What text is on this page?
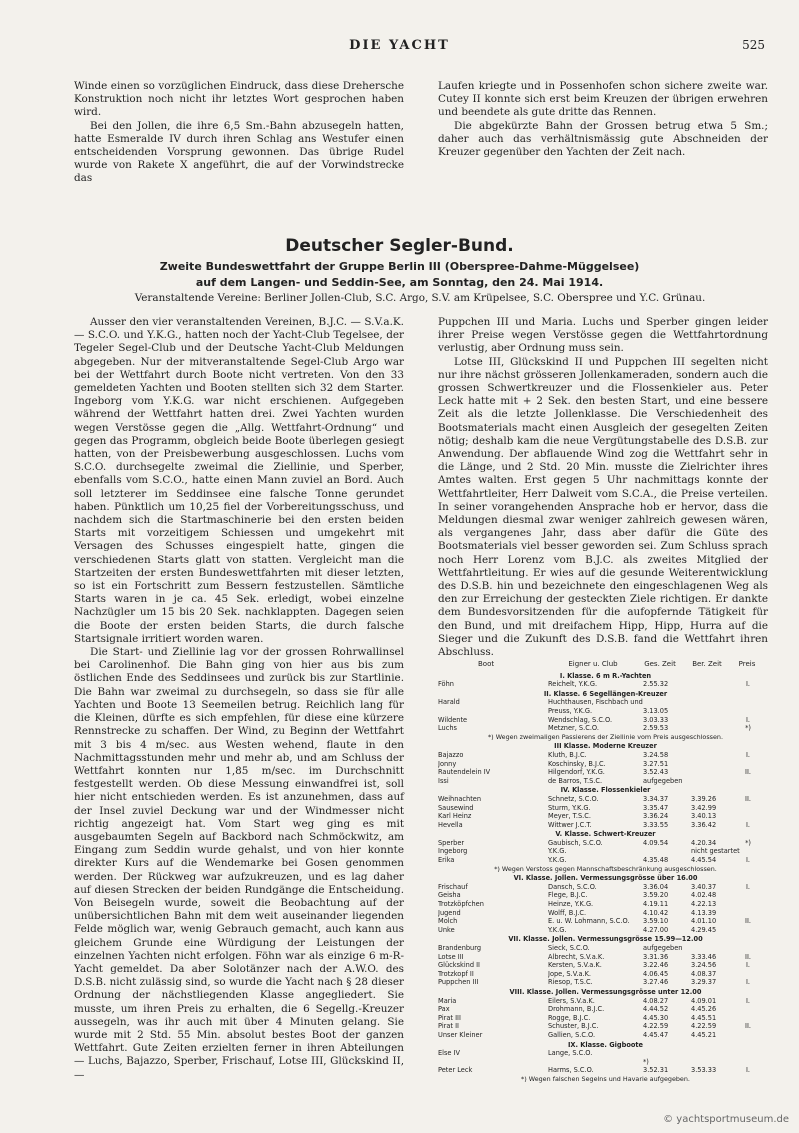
DIE YACHT	525

Winde einen so vorzüglichen Eindruck, dass diese Drehersche Konstruktion noch nicht ihr letztes Wort gesprochen haben wird.

Bei den Jollen, die ihre 6,5 Sm.-Bahn abzusegeln hatten, hatte Esmeralde IV durch ihren Schlag ans Westufer einen entscheidenden Vorsprung gewonnen. Das übrige Rudel wurde von Rakete X angeführt, die auf der Vorwindstrecke das

Laufen kriegte und in Possenhofen schon sichere zweite war. Cutey II konnte sich erst beim Kreuzen der übrigen erwehren und beendete als gute dritte das Rennen.

Die abgekürzte Bahn der Grossen betrug etwa 5 Sm.; daher auch das verhältnismässig gute Abschneiden der Kreuzer gegenüber den Yachten der Zeit nach.

Deutscher Segler-Bund.
Zweite Bundeswettfahrt der Gruppe Berlin III (Oberspree-Dahme-Müggelsee)
auf dem Langen- und Seddin-See, am Sonntag, den 24. Mai 1914.
Veranstaltende Vereine: Berliner Jollen-Club, S.C. Argo, S.V. am Krüpelsee, S.C. Oberspree und Y.C. Grünau.

Ausser den vier veranstaltenden Vereinen, B.J.C. — S.V.a.K. — S.C.O. und Y.K.G., hatten noch der Yacht-Club Tegelsee, der Tegeler Segel-Club und der Deutsche Yacht-Club Meldungen abgegeben. Nur der mitveranstaltende Segel-Club Argo war bei der Wettfahrt durch Boote nicht vertreten. Von den 33 gemeldeten Yachten und Booten stellten sich 32 dem Starter. Ingeborg vom Y.K.G. war nicht erschienen. Aufgegeben während der Wettfahrt hatten drei. Zwei Yachten wurden wegen Verstösse gegen die „Allg. Wettfahrt-Ordnung“ und gegen das Programm, obgleich beide Boote überlegen gesiegt hatten, von der Preisbewerbung ausgeschlossen. Luchs vom S.C.O. durchsegelte zweimal die Ziellinie, und Sperber, ebenfalls vom S.C.O., hatte einen Mann zuviel an Bord. Auch soll letzterer im Seddinsee eine falsche Tonne gerundet haben. Pünktlich um 10,25 fiel der Vorbereitungsschuss, und nachdem sich die Startmaschinerie bei den ersten beiden Starts mit vorzeitigem Schiessen und umgekehrt mit Versagen des Schusses eingespielt hatte, gingen die verschiedenen Starts glatt von statten. Vergleicht man die Startzeiten der ersten Bundeswettfahrten mit dieser letzten, so ist ein Fortschritt zum Bessern festzustellen. Sämtliche Starts waren in je ca. 45 Sek. erledigt, wobei einzelne Nachzügler um 15 bis 20 Sek. nachklappten. Dagegen seien die Boote der ersten beiden Starts, die durch falsche Startsignale irritiert worden waren.

Die Start- und Ziellinie lag vor der grossen Rohrwallinsel bei Carolinenhof. Die Bahn ging von hier aus bis zum östlichen Ende des Seddinsees und zurück bis zur Startlinie. Die Bahn war zweimal zu durchsegeln, so dass sie für alle Yachten und Boote 13 Seemeilen betrug. Reichlich lang für die Kleinen, dürfte es sich empfehlen, für diese eine kürzere Rennstrecke zu schaffen. Der Wind, zu Beginn der Wettfahrt mit 3 bis 4 m/sec. aus Westen wehend, flaute in den Nachmittagsstunden mehr und mehr ab, und am Schluss der Wettfahrt konnten nur 1,85 m/sec. im Durchschnitt festgestellt werden. Ob diese Messung einwandfrei ist, soll hier nicht entschieden werden. Es ist anzunehmen, dass auf der Insel zuviel Deckung war und der Windmesser nicht richtig angezeigt hat. Vom Start weg ging es mit ausgebaumten Segeln auf Backbord nach Schmöckwitz, am Eingang zum Seddin wurde gehalst, und von hier konnte direkter Kurs auf die Wendemarke bei Gosen genommen werden. Der Rückweg war aufzukreuzen, und es lag daher auf diesen Strecken der beiden Rundgänge die Entscheidung. Von Beisegeln wurde, soweit die Beobachtung auf der unübersichtlichen Bahn mit dem weit auseinander liegenden Felde möglich war, wenig Gebrauch gemacht, auch kann aus gleichem Grunde eine Würdigung der Leistungen der einzelnen Yachten nicht erfolgen. Föhn war als einzige 6 m-R-Yacht gemeldet. Da aber Solotänzer nach der A.W.O. des D.S.B. nicht zulässig sind, so wurde die Yacht nach § 28 dieser Ordnung der nächstliegenden Klasse angegliedert. Sie musste, um ihren Preis zu erhalten, die 6 Segellg.-Kreuzer aussegeln, was ihr auch mit über 4 Minuten gelang. Sie wurde mit 2 Std. 55 Min. absolut bestes Boot der ganzen Wettfahrt. Gute Zeiten erzielten ferner in ihren Abteilungen — Luchs, Bajazzo, Sperber, Frischauf, Lotse III, Glückskind II, —

Puppchen III und Maria. Luchs und Sperber gingen leider ihrer Preise wegen Verstösse gegen die Wettfahrtordnung verlustig, aber Ordnung muss sein.

Lotse III, Glückskind II und Puppchen III segelten nicht nur ihre nächst grösseren Jollenkameraden, sondern auch die grossen Schwertkreuzer und die Flossenkieler aus. Peter Leck hatte mit + 2 Sek. den besten Start, und eine bessere Zeit als die letzte Jollenklasse. Die Verschiedenheit des Bootsmaterials macht einen Ausgleich der gesegelten Zeiten nötig; deshalb kam die neue Vergütungstabelle des D.S.B. zur Anwendung. Der abflauende Wind zog die Wettfahrt sehr in die Länge, und 2 Std. 20 Min. musste die Zielrichter ihres Amtes walten. Erst gegen 5 Uhr nachmittags konnte der Wettfahrtleiter, Herr Dalweit vom S.C.A., die Preise verteilen. In seiner vorangehenden Ansprache hob er hervor, dass die Meldungen diesmal zwar weniger zahlreich gewesen wären, als vergangenes Jahr, dass aber dafür die Güte des Bootsmaterials viel besser geworden sei. Zum Schluss sprach noch Herr Lorenz vom B.J.C. als zweites Mitglied der Wettfahrtleitung. Er wies auf die gesunde Weiterentwicklung des D.S.B. hin und bezeichnete den eingeschlagenen Weg als den zur Erreichung der gesteckten Ziele richtigen. Er dankte dem Bundesvorsitzenden für die aufopfernde Tätigkeit für den Bund, und mit dreifachem Hipp, Hipp, Hurra auf die Sieger und die Zukunft des D.S.B. fand die Wettfahrt ihren Abschluss.

Boot	Eigner u. Club	Ges. Zeit	Ber. Zeit	Preis
I. Klasse. 6 m R.-Yachten
Föhn	Reichelt, Y.K.G.	2.55.32	I.
II. Klasse. 6 Segellängen-Kreuzer
Harald	Huchthausen, Fischbach und
Preuss, Y.K.G.	3.13.05
Wildente	Wendschlag, S.C.O.	3.03.33	I.
Luchs	Metzner, S.C.O.	2.59.53	*)
*) Wegen zweimaligen Passierens der Ziellinie vom Preis ausgeschlossen.
III Klasse. Moderne Kreuzer
Bajazzo	Kluth, B.J.C.	3.24.58	I.
Jonny	Koschinsky, B.J.C.	3.27.51
Rautendelein IV	Hilgendorf, Y.K.G.	3.52.43	II.
Issi	de Barros, T.S.C.	aufgegeben
IV. Klasse. Flossenkieler
Weihnachten	Schnetz, S.C.O.	3.34.37	3.39.26	II.
Sausewind	Sturm, Y.K.G.	3.35.47	3.42.99
Karl Heinz	Meyer, T.S.C.	3.36.24	3.40.13
Hevella	Wittwer J.C.T.	3.33.55	3.36.42	I.
V. Klasse. Schwert-Kreuzer
Sperber	Gaubisch, S.C.O.	4.09.54	4.20.34	*)
Ingeborg	Y.K.G.	nicht gestartet
Erika	Y.K.G.	4.35.48	4.45.54	I.
*) Wegen Verstoss gegen Mannschaftsbeschränkung ausgeschlossen.
VI. Klasse. Jollen. Vermessungsgrösse über 16.00
Frischauf	Dansch, S.C.O.	3.36.04	3.40.37	I.
Geisha	Flege, B.J.C.	3.59.20	4.02.48
Trotzköpfchen	Heinze, Y.K.G.	4.19.11	4.22.13
Jugend	Wolff, B.J.C.	4.10.42	4.13.39
Molch	E. u. W. Lohmann, S.C.O.	3.59.10	4.01.10	II.
Unke	Y.K.G.	4.27.00	4.29.45
VII. Klasse. Jollen. Vermessungsgrösse 15.99—12.00
Brandenburg	Sieck, S.C.O.	aufgegeben
Lotse III	Albrecht, S.V.a.K.	3.31.36	3.33.46	II.
Glückskind II	Kersten, S.V.a.K.	3.22.46	3.24.56	I.
Trotzkopf II	Jope, S.V.a.K.	4.06.45	4.08.37
Puppchen III	Riesop, T.S.C.	3.27.46	3.29.37	I.
VIII. Klasse. Jollen. Vermessungsgrösse unter 12.00
Maria	Eilers, S.V.a.K.	4.08.27	4.09.01	I.
Pax	Drohmann, B.J.C.	4.44.52	4.45.26
Pirat III	Rogge, B.J.C.	4.45.30	4.45.51
Pirat II	Schuster, B.J.C.	4.22.59	4.22.59	II.
Unser Kleiner	Gallien, S.C.O.	4.45.47	4.45.21
IX. Klasse. Gigboote
Else IV	Lange, S.C.O.
*)
Peter Leck	Harms, S.C.O.	3.52.31	3.53.33	I.
*) Wegen falschen Segelns und Havarie aufgegeben.
© yachtsportmuseum.de
